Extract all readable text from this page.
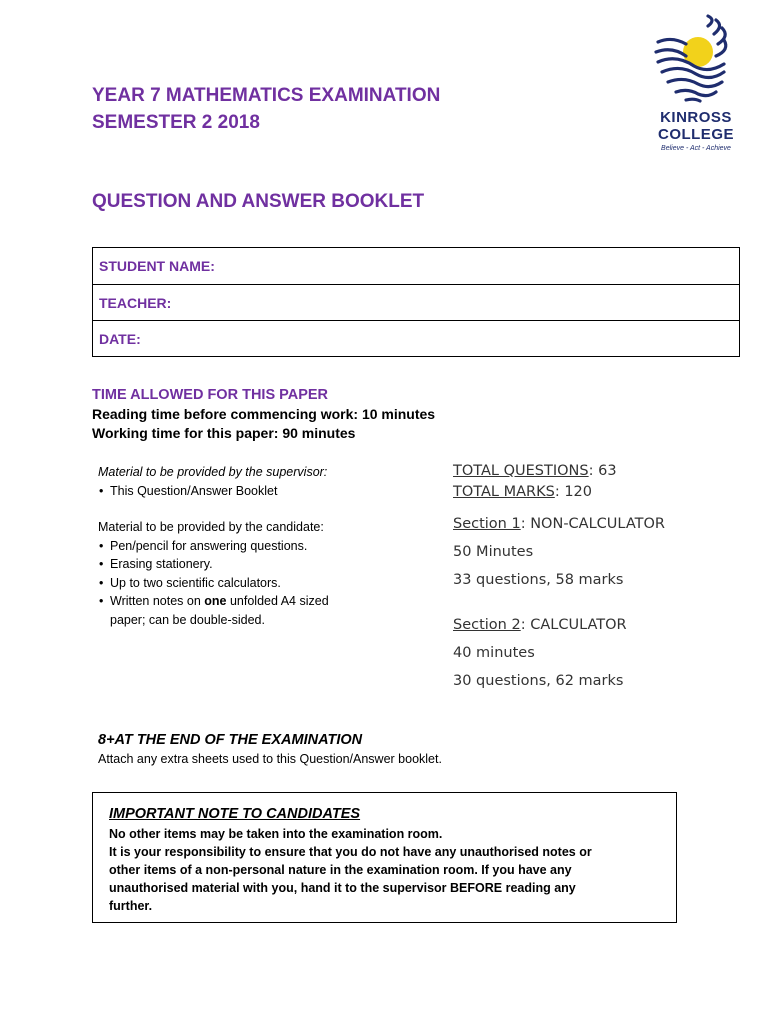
YEAR 7 MATHEMATICS EXAMINATION
SEMESTER 2 2018
QUESTION AND ANSWER BOOKLET
KINROSS
COLLEGE
Believe - Act - Achieve
STUDENT NAME:
TEACHER:
DATE:
TIME ALLOWED FOR THIS PAPER
Reading time before commencing work: 10 minutes
Working time for this paper: 90 minutes
Material to be provided by the supervisor:
• This Question/Answer Booklet
Material to be provided by the candidate:
• Pen/pencil for answering questions.
• Erasing stationery.
• Up to two scientific calculators.
• Written notes on one unfolded A4 sized
paper; can be double-sided.
TOTAL QUESTIONS: 63
TOTAL MARKS: 120
Section 1: NON-CALCULATOR
50 Minutes
33 questions, 58 marks
Section 2: CALCULATOR
40 minutes
30 questions, 62 marks
8+AT THE END OF THE EXAMINATION
Attach any extra sheets used to this Question/Answer booklet.
IMPORTANT NOTE TO CANDIDATES
No other items may be taken into the examination room.
It is your responsibility to ensure that you do not have any unauthorised notes or
other items of a non-personal nature in the examination room. If you have any
unauthorised material with you, hand it to the supervisor BEFORE reading any
further.
